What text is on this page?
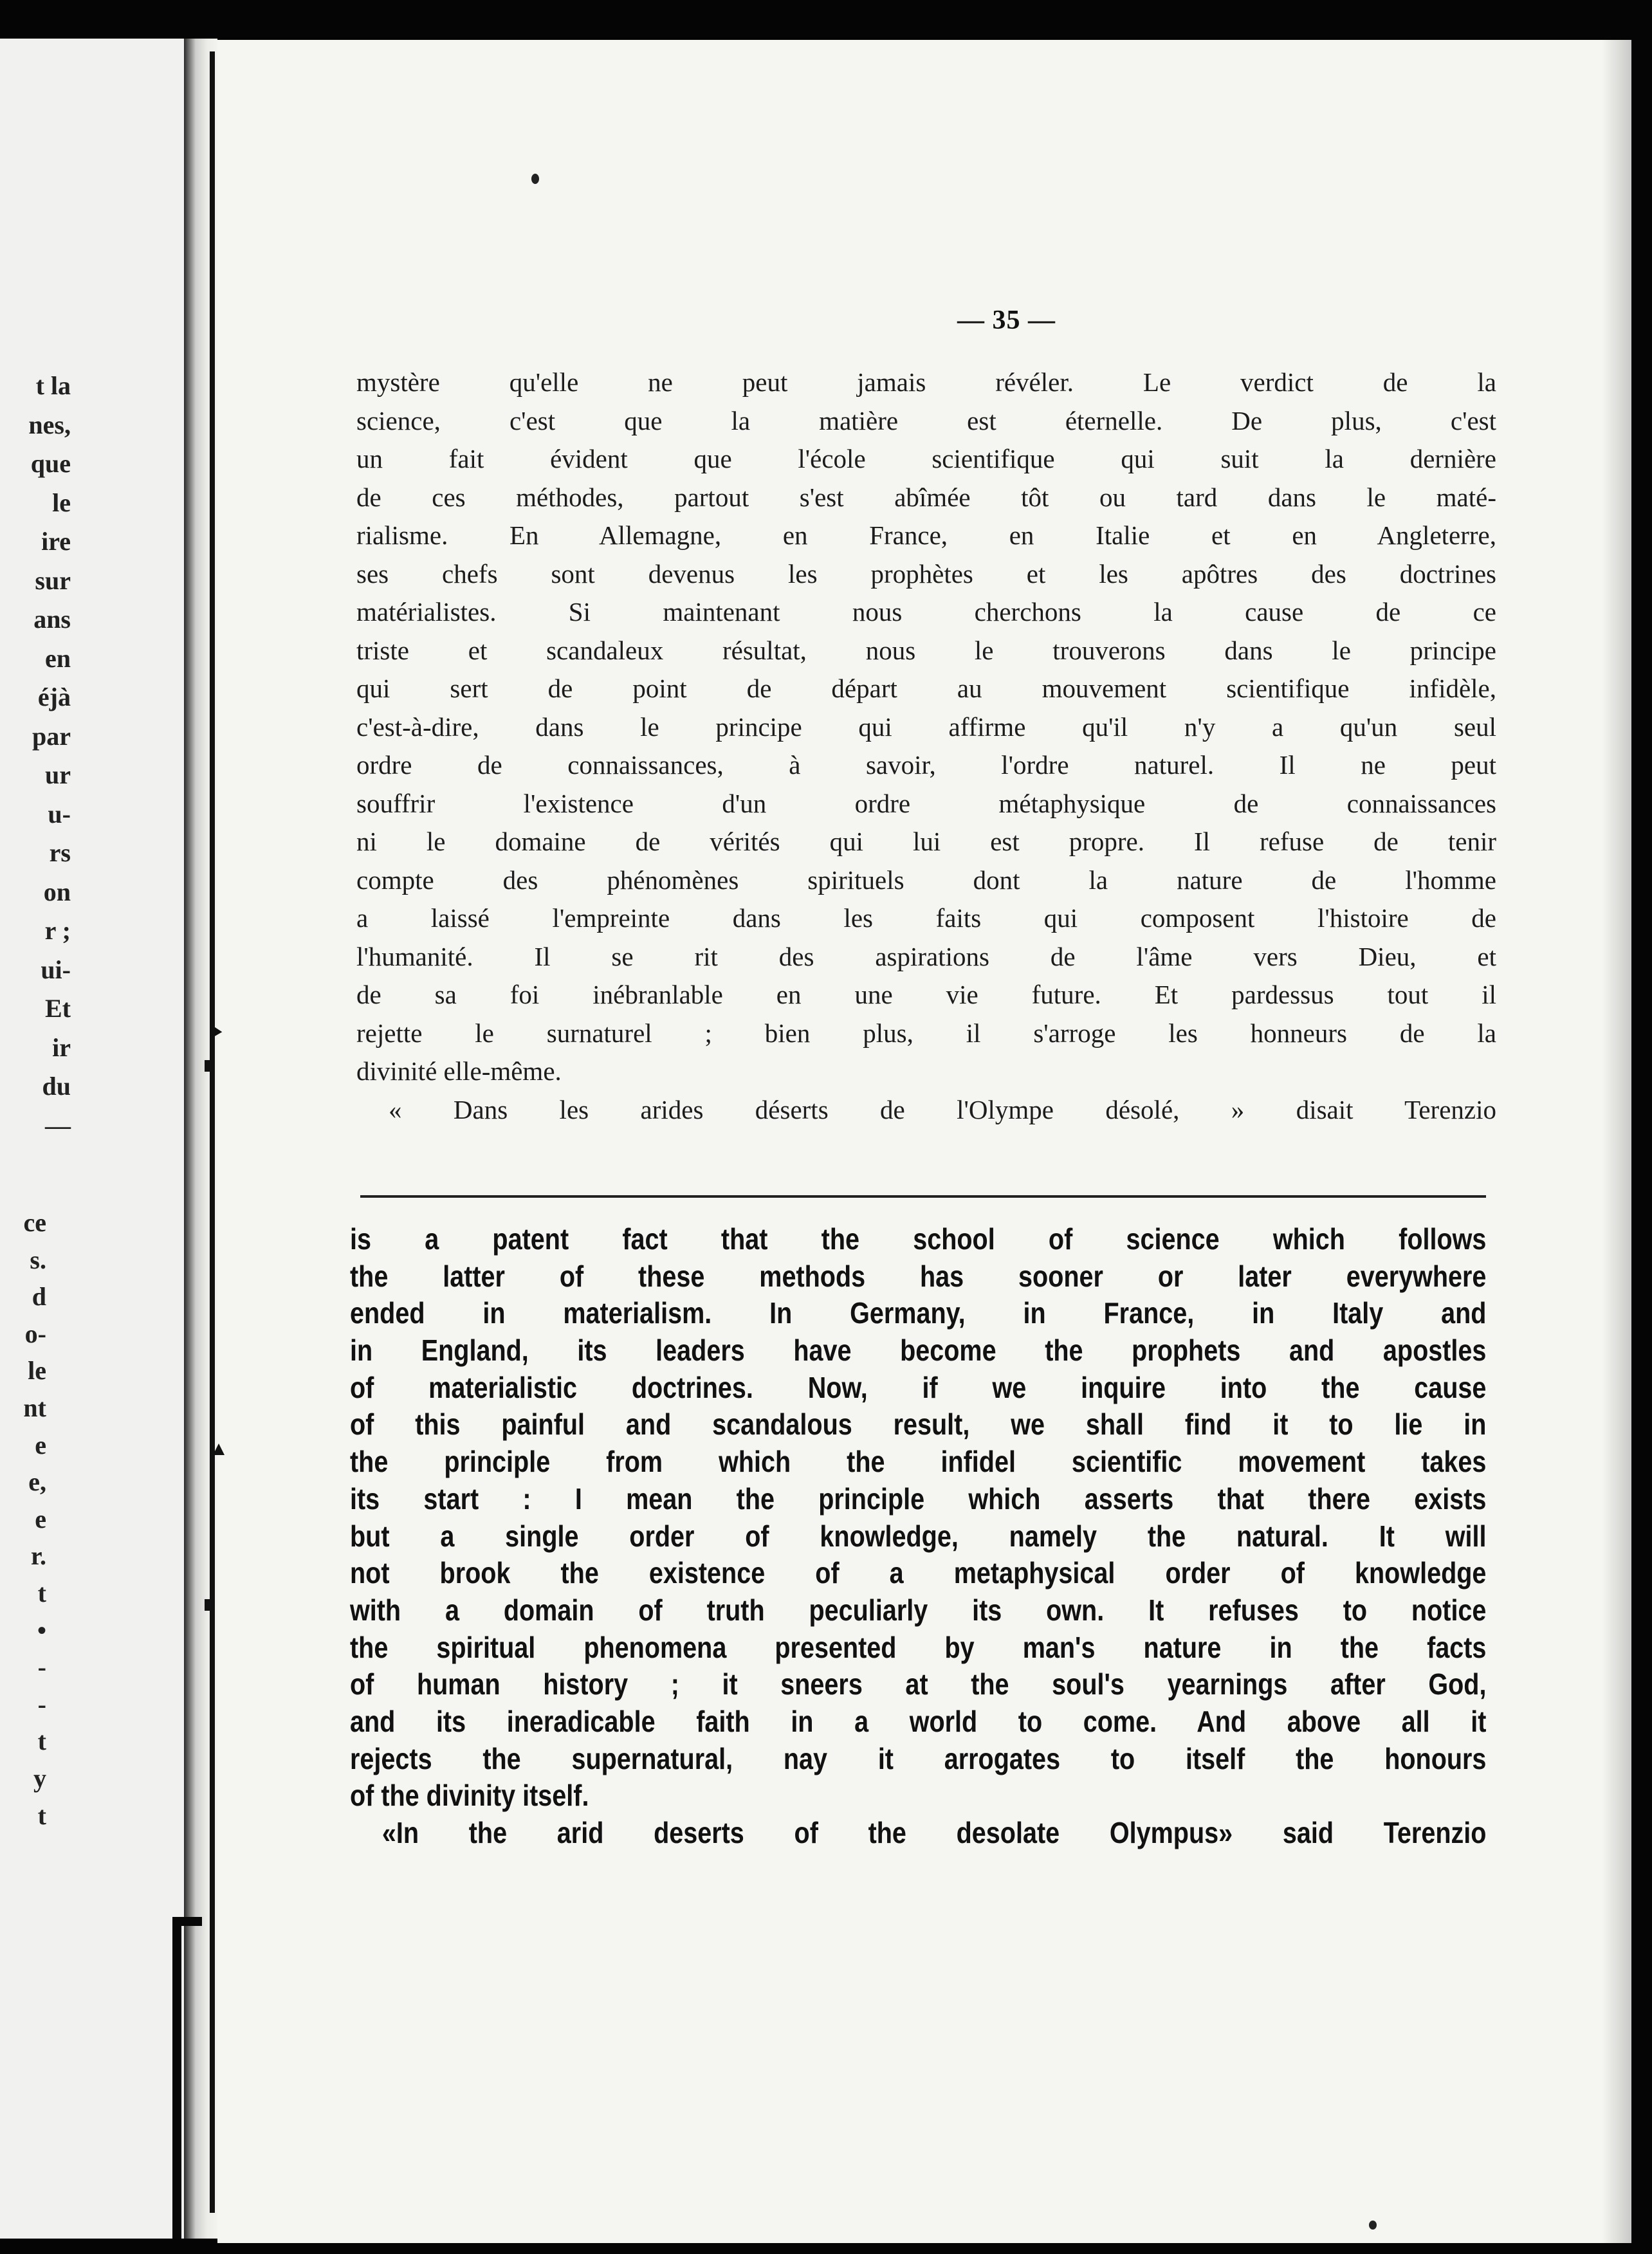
t la
nes,
que
le
ire
sur
ans
en
éjà
par
ur
u-
rs
on
r ;
ui-
Et
ir
du
—
ce
s.
d
o-
le
nt
e
e,
e
r.
t
•
-
-
t
y
t
— 35 —
mystère qu'elle ne peut jamais révéler. Le verdict de la
science, c'est que la matière est éternelle. De plus, c'est
un fait évident que l'école scientifique qui suit la dernière
de ces méthodes, partout s'est abîmée tôt ou tard dans le maté-
rialisme. En Allemagne, en France, en Italie et en Angleterre,
ses chefs sont devenus les prophètes et les apôtres des doctrines
matérialistes. Si maintenant nous cherchons la cause de ce
triste et scandaleux résultat, nous le trouverons dans le principe
qui sert de point de départ au mouvement scientifique infidèle,
c'est-à-dire, dans le principe qui affirme qu'il n'y a qu'un seul
ordre de connaissances, à savoir, l'ordre naturel. Il ne peut
souffrir l'existence d'un ordre métaphysique de connaissances
ni le domaine de vérités qui lui est propre. Il refuse de tenir
compte des phénomènes spirituels dont la nature de l'homme
a laissé l'empreinte dans les faits qui composent l'histoire de
l'humanité. Il se rit des aspirations de l'âme vers Dieu, et
de sa foi inébranlable en une vie future. Et pardessus tout il
rejette le surnaturel ; bien plus, il s'arroge les honneurs de la
divinité elle-même.
« Dans les arides déserts de l'Olympe désolé, » disait Terenzio
is a patent fact that the school of science which follows
the latter of these methods has sooner or later everywhere
ended in materialism. In Germany, in France, in Italy and
in England, its leaders have become the prophets and apostles
of materialistic doctrines. Now, if we inquire into the cause
of this painful and scandalous result, we shall find it to lie in
the principle from which the infidel scientific movement takes
its start : I mean the principle which asserts that there exists
but a single order of knowledge, namely the natural. It will
not brook the existence of a metaphysical order of knowledge
with a domain of truth peculiarly its own. It refuses to notice
the spiritual phenomena presented by man's nature in the facts
of human history ; it sneers at the soul's yearnings after God,
and its ineradicable faith in a world to come. And above all it
rejects the supernatural, nay it arrogates to itself the honours
of the divinity itself.
«In the arid deserts of the desolate Olympus» said Terenzio
